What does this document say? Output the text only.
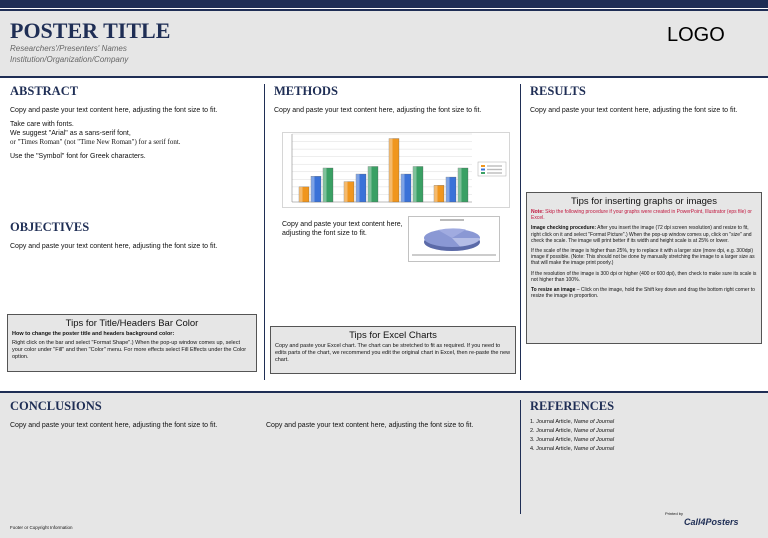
POSTER TITLE
Researchers'/Presenters' Names
Institution/Organization/Company
LOGO
ABSTRACT
Copy and paste your text content here, adjusting the font size to fit.
Take care with fonts.
We suggest "Arial" as a sans-serif font,
or "Times Roman" (not "Time New Roman") for a serif font.
Use the "Symbol" font for Greek characters.
OBJECTIVES
Copy and paste your text content here, adjusting the font size to fit.
Tips for Title/Headers Bar Color
How to change the poster title and headers background color:
Right click on the bar and select "Format Shape".) When the pop-up window comes up, select your color under "Fill" and then "Color" menu. For more effects select Fill Effects under the Color option.
METHODS
Copy and paste your text content here, adjusting the font size to fit.
Copy and paste your text content here, adjusting the font size to fit.
Tips for Excel Charts
Copy and paste your Excel chart. The chart can be stretched to fit as required. If you need to edits parts of the chart, we recommend you edit the original chart in Excel, then re-paste the new chart.
RESULTS
Copy and paste your text content here, adjusting the font size to fit.
Tips for inserting graphs or images
Note: Skip the following procedure if your graphs were created in PowerPoint, Illustrator (eps file) or Excel.
Image checking procedure: After you insert the image (72 dpi screen resolution) and resize to fit, right click on it and select "Format Picture".) When the pop-up window comes up, click on "size" and check the scale. The image will print better if its width and height scale is at 25% or lower.
If the scale of the image is higher than 25%, try to replace it with a larger size (more dpi, e.g. 300dpi) image if possible. (Note: This should not be done by manually stretching the image to a larger size as that will make the image print poorly.)
If the resolution of the image is 300 dpi or higher (400 or 600 dpi), then check to make sure its scale is not higher than 100%.
To resize an image – Click on the image, hold the Shift key down and drag the bottom right corner to resize the image in proportion.
CONCLUSIONS
Copy and paste your text content here, adjusting the font size to fit.	Copy and paste your text content here, adjusting the font size to fit.
REFERENCES
1. Journal Article, Name of Journal
2. Journal Article, Name of Journal
3. Journal Article, Name of Journal
4. Journal Article, Name of Journal
Footer or Copyright Information
Printed by
Call4Posters
